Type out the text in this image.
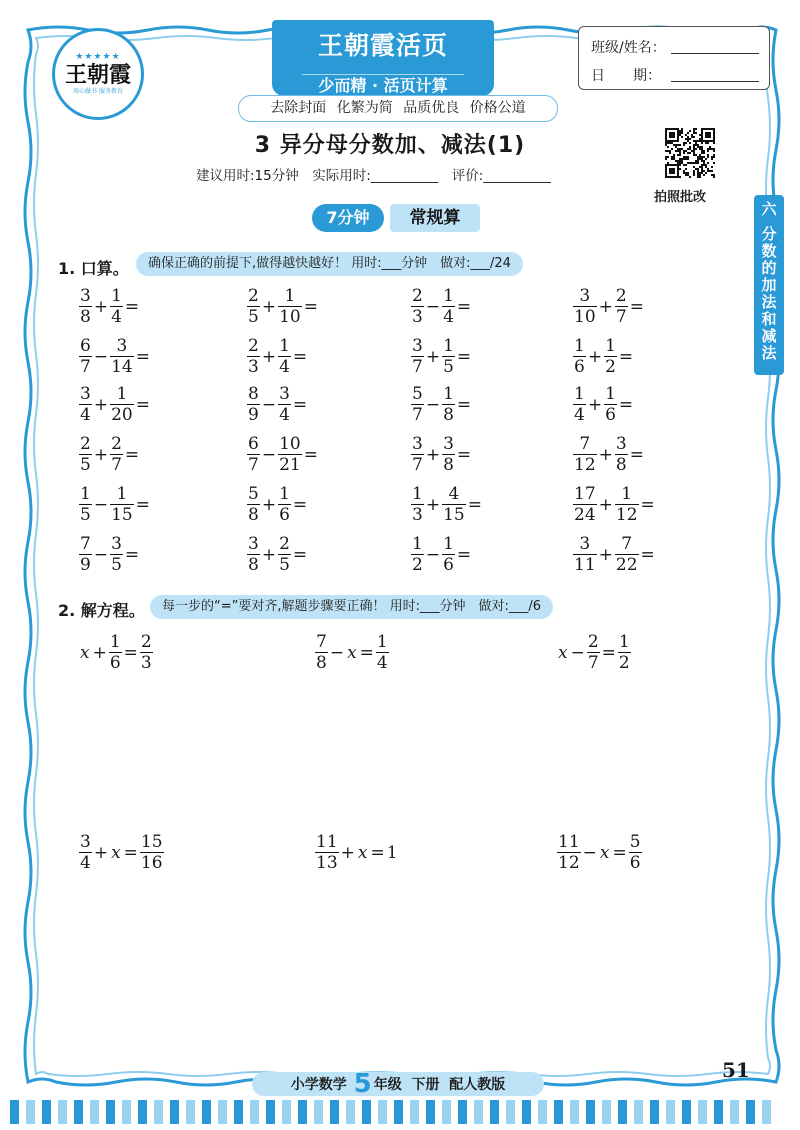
★★★★★
王朝霞
用心做书 服务教育
王朝霞活页
少而精 · 活页计算
去除封面 化繁为简 品质优良 价格公道
班级/姓名：
日　　期：
3 异分母分数加、减法(1)
建议用时:15分钟　实际用时:__________　评价:__________
拍照批改
六
分
数
的
加
法
和
减
法
7分钟	常规算
1. 口算。	确保正确的前提下,做得越快越好！ 用时:___分钟　做对:___/24
$\frac{3}{8} + \frac{1}{4}$ =	$\frac{2}{5} + \frac{1}{10}$ =	$\frac{2}{3} - \frac{1}{4}$ =	$\frac{3}{10} + \frac{2}{7}$ =
$\frac{6}{7} - \frac{3}{14}$ =	$\frac{2}{3} + \frac{1}{4}$ =	$\frac{3}{7} + \frac{1}{5}$ =	$\frac{1}{6} + \frac{1}{2}$ =
$\frac{3}{4} + \frac{1}{20}$ =	$\frac{8}{9} - \frac{3}{4}$ =	$\frac{5}{7} - \frac{1}{8}$ =	$\frac{1}{4} + \frac{1}{6}$ =
$\frac{2}{5} + \frac{2}{7}$ =	$\frac{6}{7} - \frac{10}{21}$ =	$\frac{3}{7} + \frac{3}{8}$ =	$\frac{7}{12} + \frac{3}{8}$ =
$\frac{1}{5} - \frac{1}{15}$ =	$\frac{5}{8} + \frac{1}{6}$ =	$\frac{1}{3} + \frac{4}{15}$ =	$\frac{17}{24} + \frac{1}{12}$ =
$\frac{7}{9} - \frac{3}{5}$ =	$\frac{3}{8} + \frac{2}{5}$ =	$\frac{1}{2} - \frac{1}{6}$ =	$\frac{3}{11} + \frac{7}{22}$ =
2. 解方程。	每一步的“=”要对齐,解题步骤要正确！ 用时:___分钟　做对:___/6
$x + \frac{1}{6} = \frac{2}{3}$	$\frac{7}{8} - x = \frac{1}{4}$	$x - \frac{2}{7} = \frac{1}{2}$
$\frac{3}{4} + x = \frac{15}{16}$	$\frac{11}{13} + x = 1$	$\frac{11}{12} - x = \frac{5}{6}$
小学数学 5 年级 下册 配人教版
51
